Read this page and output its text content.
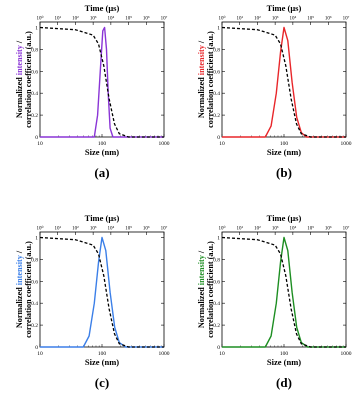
Time (μs)
10⁰ 10¹ 10² 10³ 10⁴ 10⁵ 10⁶ 10⁷
10	100	1000
0
0.2
0.4
0.6
0.8
1
Normalized intensity / correlation coefficient (a.u.)
Size (nm)
(a)
Time (μs)
10⁰ 10¹ 10² 10³ 10⁴ 10⁵ 10⁶ 10⁷
10	100	1000
0
0.2
0.4
0.6
0.8
1
Normalized intensity / correlation coefficient (a.u.)
Size (nm)
(b)
Time (μs)
10⁰ 10¹ 10² 10³ 10⁴ 10⁵ 10⁶ 10⁷
10	100	1000
0
0.2
0.4
0.6
0.8
1
Normalized intensity / correlation coefficient (a.u.)
Size (nm)
(c)
Time (μs)
10⁰ 10¹ 10² 10³ 10⁴ 10⁵ 10⁶ 10⁷
10	100	1000
0
0.2
0.4
0.6
0.8
1
Normalized intensity / correlation coefficient (a.u.)
Size (nm)
(d)
